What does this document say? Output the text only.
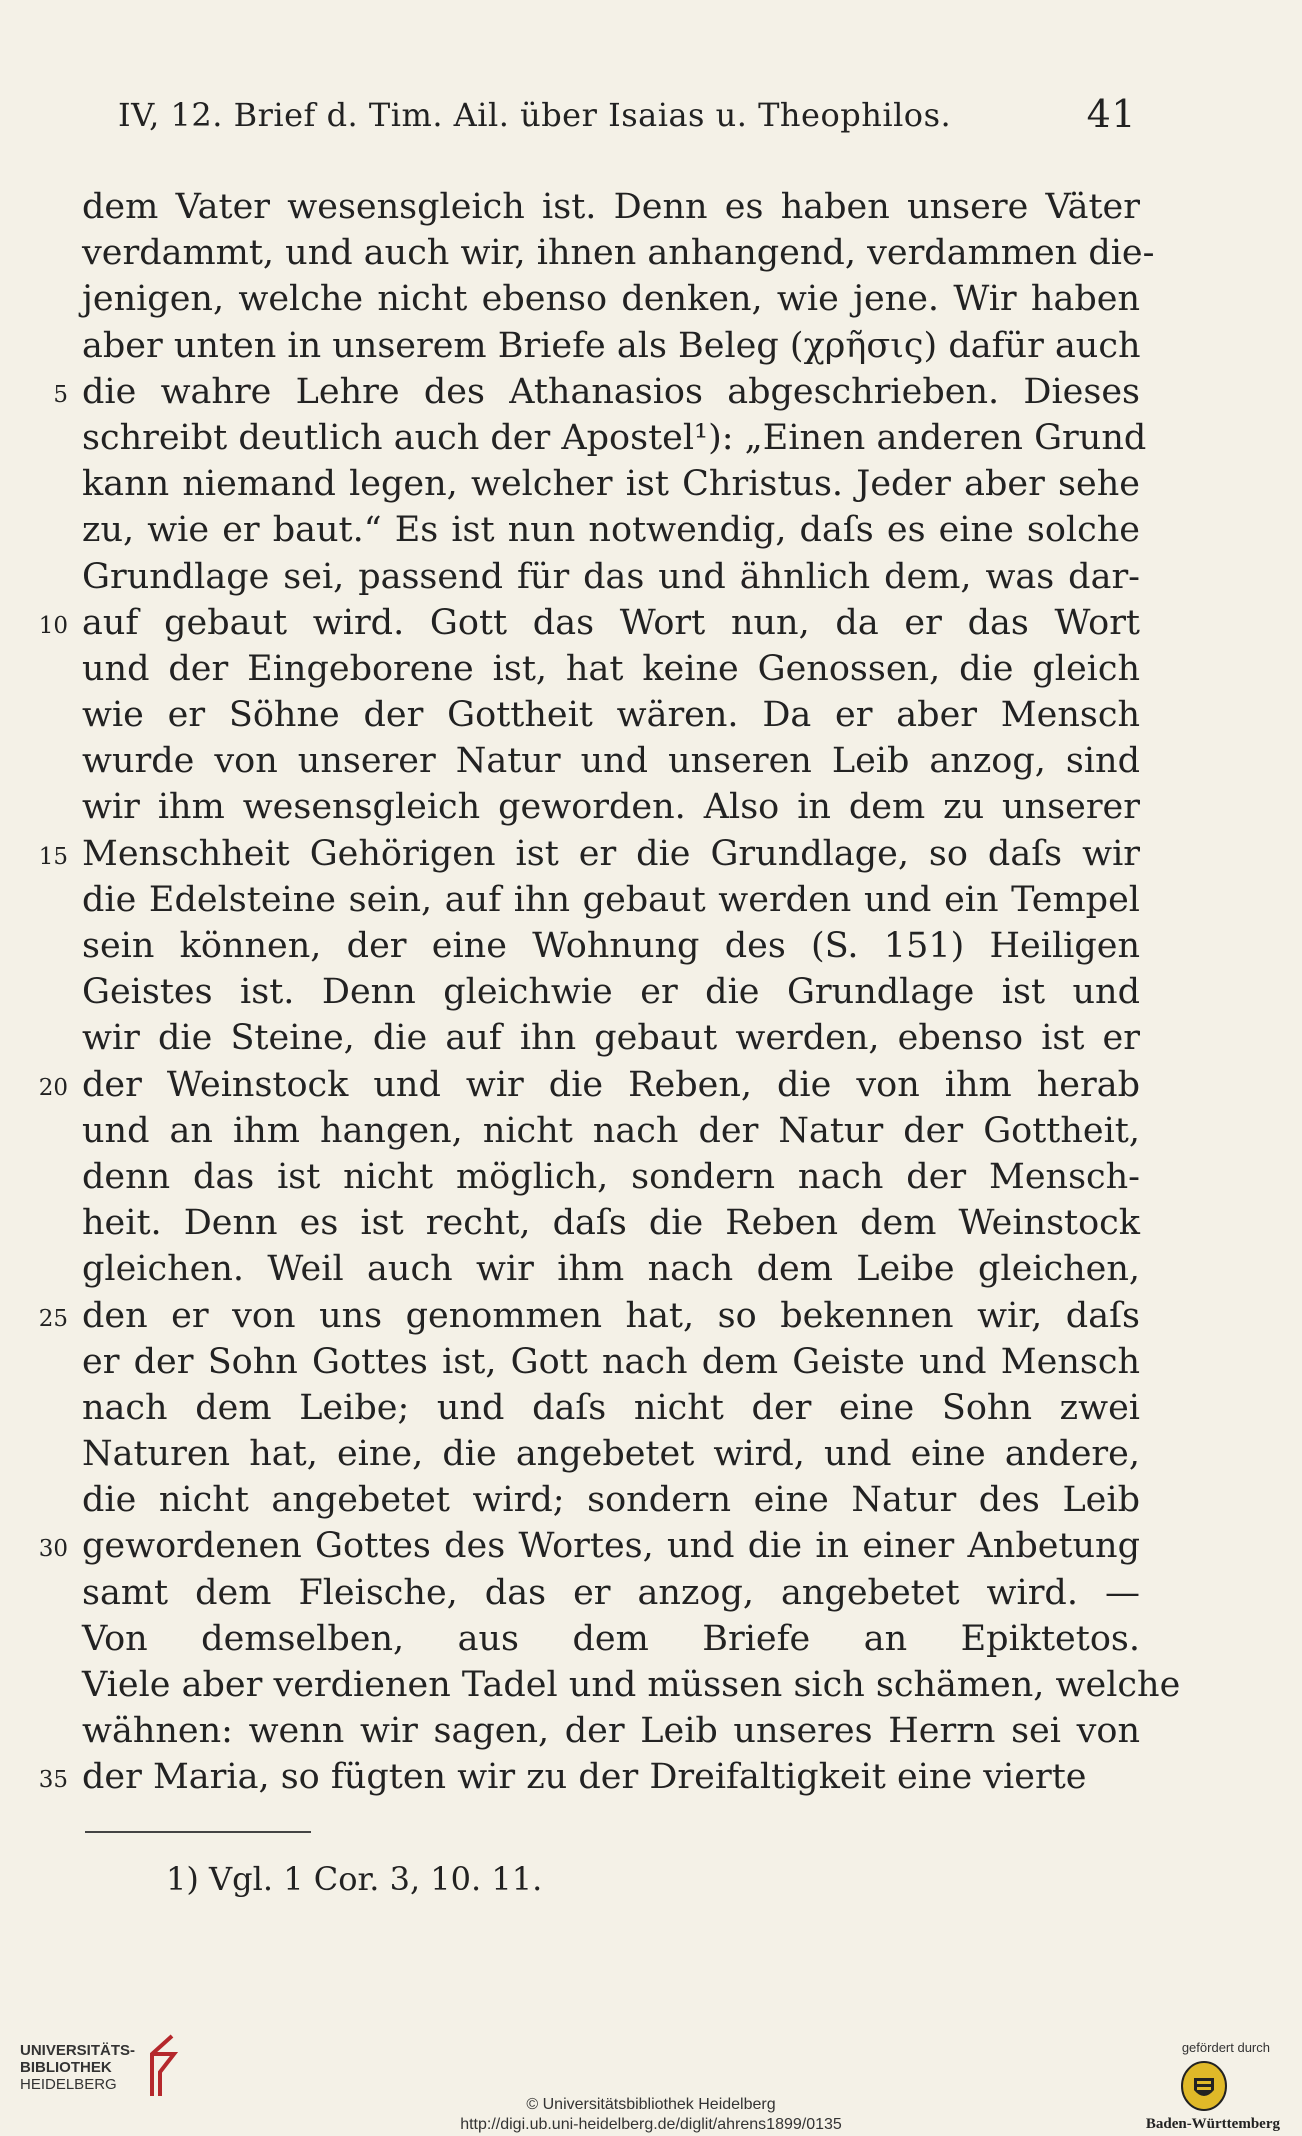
IV, 12. Brief d. Tim. Ail. über Isaias u. Theophilos.	41
dem Vater wesensgleich ist. Denn es haben unsere Väter
verdammt, und auch wir, ihnen anhangend, verdammen die-
jenigen, welche nicht ebenso denken, wie jene. Wir haben
aber unten in unserem Briefe als Beleg (χρῆσις) dafür auch
5 die wahre Lehre des Athanasios abgeschrieben. Dieses
schreibt deutlich auch der Apostel¹): „Einen anderen Grund
kann niemand legen, welcher ist Christus. Jeder aber sehe
zu, wie er baut.“ Es ist nun notwendig, daſs es eine solche
Grundlage sei, passend für das und ähnlich dem, was dar-
10 auf gebaut wird. Gott das Wort nun, da er das Wort
und der Eingeborene ist, hat keine Genossen, die gleich
wie er Söhne der Gottheit wären. Da er aber Mensch
wurde von unserer Natur und unseren Leib anzog, sind
wir ihm wesensgleich geworden. Also in dem zu unserer
15 Menschheit Gehörigen ist er die Grundlage, so daſs wir
die Edelsteine sein, auf ihn gebaut werden und ein Tempel
sein können, der eine Wohnung des (S. 151) Heiligen
Geistes ist. Denn gleichwie er die Grundlage ist und
wir die Steine, die auf ihn gebaut werden, ebenso ist er
20 der Weinstock und wir die Reben, die von ihm herab
und an ihm hangen, nicht nach der Natur der Gottheit,
denn das ist nicht möglich, sondern nach der Mensch-
heit. Denn es ist recht, daſs die Reben dem Weinstock
gleichen. Weil auch wir ihm nach dem Leibe gleichen,
25 den er von uns genommen hat, so bekennen wir, daſs
er der Sohn Gottes ist, Gott nach dem Geiste und Mensch
nach dem Leibe; und daſs nicht der eine Sohn zwei
Naturen hat, eine, die angebetet wird, und eine andere,
die nicht angebetet wird; sondern eine Natur des Leib
30 gewordenen Gottes des Wortes, und die in einer Anbetung
samt dem Fleische, das er anzog, angebetet wird. —
Von demselben, aus dem Briefe an Epiktetos.
Viele aber verdienen Tadel und müssen sich schämen, welche
wähnen: wenn wir sagen, der Leib unseres Herrn sei von
35 der Maria, so fügten wir zu der Dreifaltigkeit eine vierte
1) Vgl. 1 Cor. 3, 10. 11.
UNIVERSITÄTS-
BIBLIOTHEK
HEIDELBERG
© Universitätsbibliothek Heidelberg
http://digi.ub.uni-heidelberg.de/diglit/ahrens1899/0135
gefördert durch
Baden-Württemberg
